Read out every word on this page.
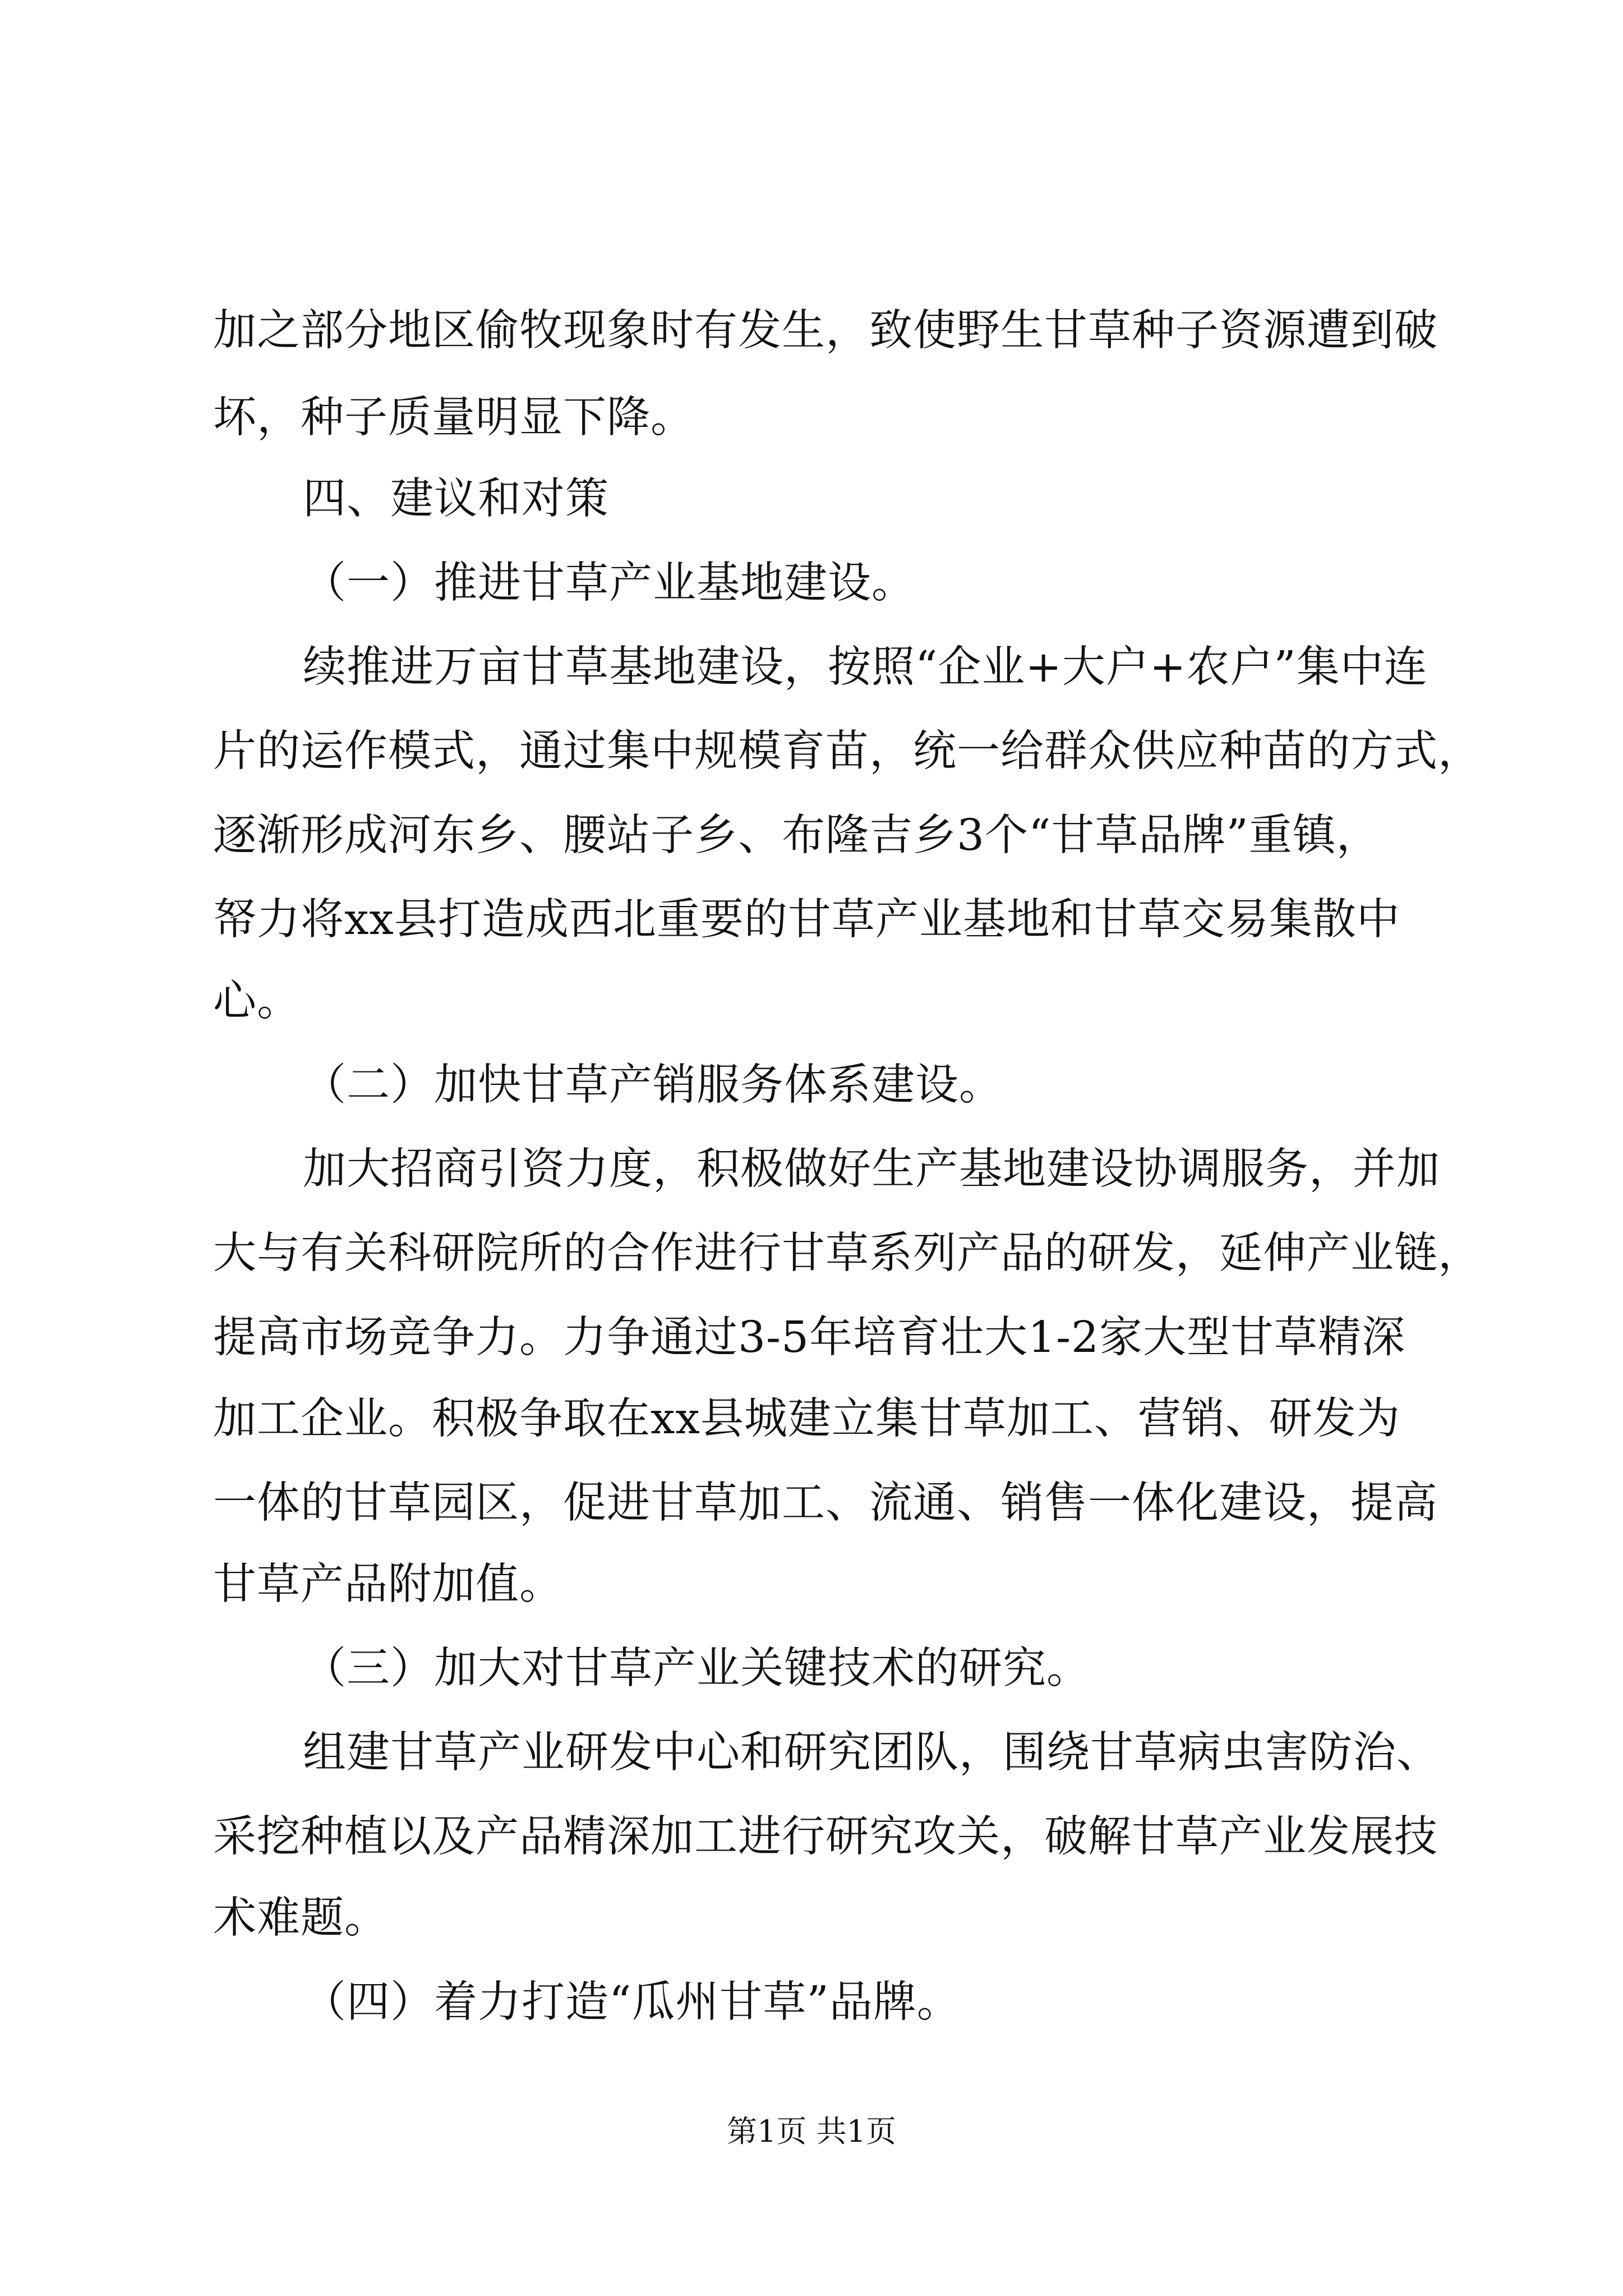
加之部分地区偷牧现象时有发生，致使野生甘草种子资源遭到破
坏，种子质量明显下降。
四、建议和对策
（一）推进甘草产业基地建设。
续推进万亩甘草基地建设，按照“企业+大户+农户”集中连
片的运作模式，通过集中规模育苗，统一给群众供应种苗的方式，
逐渐形成河东乡、腰站子乡、布隆吉乡3个“甘草品牌”重镇，
帑力将xx县打造成西北重要的甘草产业基地和甘草交易集散中
心。
（二）加快甘草产销服务体系建设。
加大招商引资力度，积极做好生产基地建设协调服务，并加
大与有关科研院所的合作进行甘草系列产品的研发，延伸产业链，
提高市场竞争力。力争通过3-5年培育壮大1-2家大型甘草精深
加工企业。积极争取在xx县城建立集甘草加工、营销、研发为
一体的甘草园区，促进甘草加工、流通、销售一体化建设，提高
甘草产品附加值。
（三）加大对甘草产业关键技术的研究。
组建甘草产业研发中心和研究团队，围绕甘草病虫害防治、
采挖种植以及产品精深加工进行研究攻关，破解甘草产业发展技
术难题。
（四）着力打造“瓜州甘草”品牌。
第1页 共1页
